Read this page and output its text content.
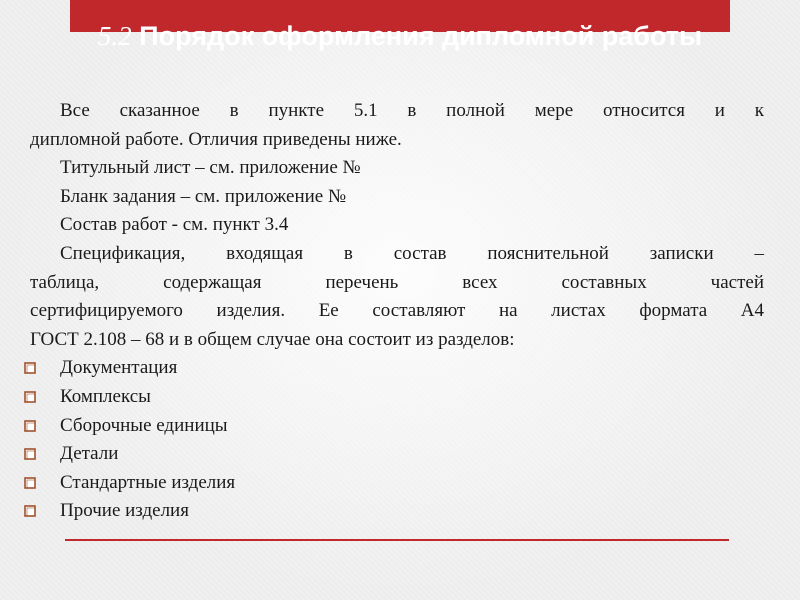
5.2 Порядок оформления дипломной работы

Все сказанное в пункте 5.1 в полной мере относится и к
дипломной работе. Отличия приведены ниже.

Титульный лист – см. приложение №

Бланк задания – см. приложение №

Состав работ - см. пункт 3.4

Спецификация, входящая в состав пояснительной записки –
таблица, содержащая перечень всех составных частей
сертифицируемого изделия. Ее составляют на листах формата А4
ГОСТ 2.108 – 68 и в общем случае она состоит из разделов:

Документация
Комплексы
Сборочные единицы
Детали
Стандартные изделия
Прочие изделия
